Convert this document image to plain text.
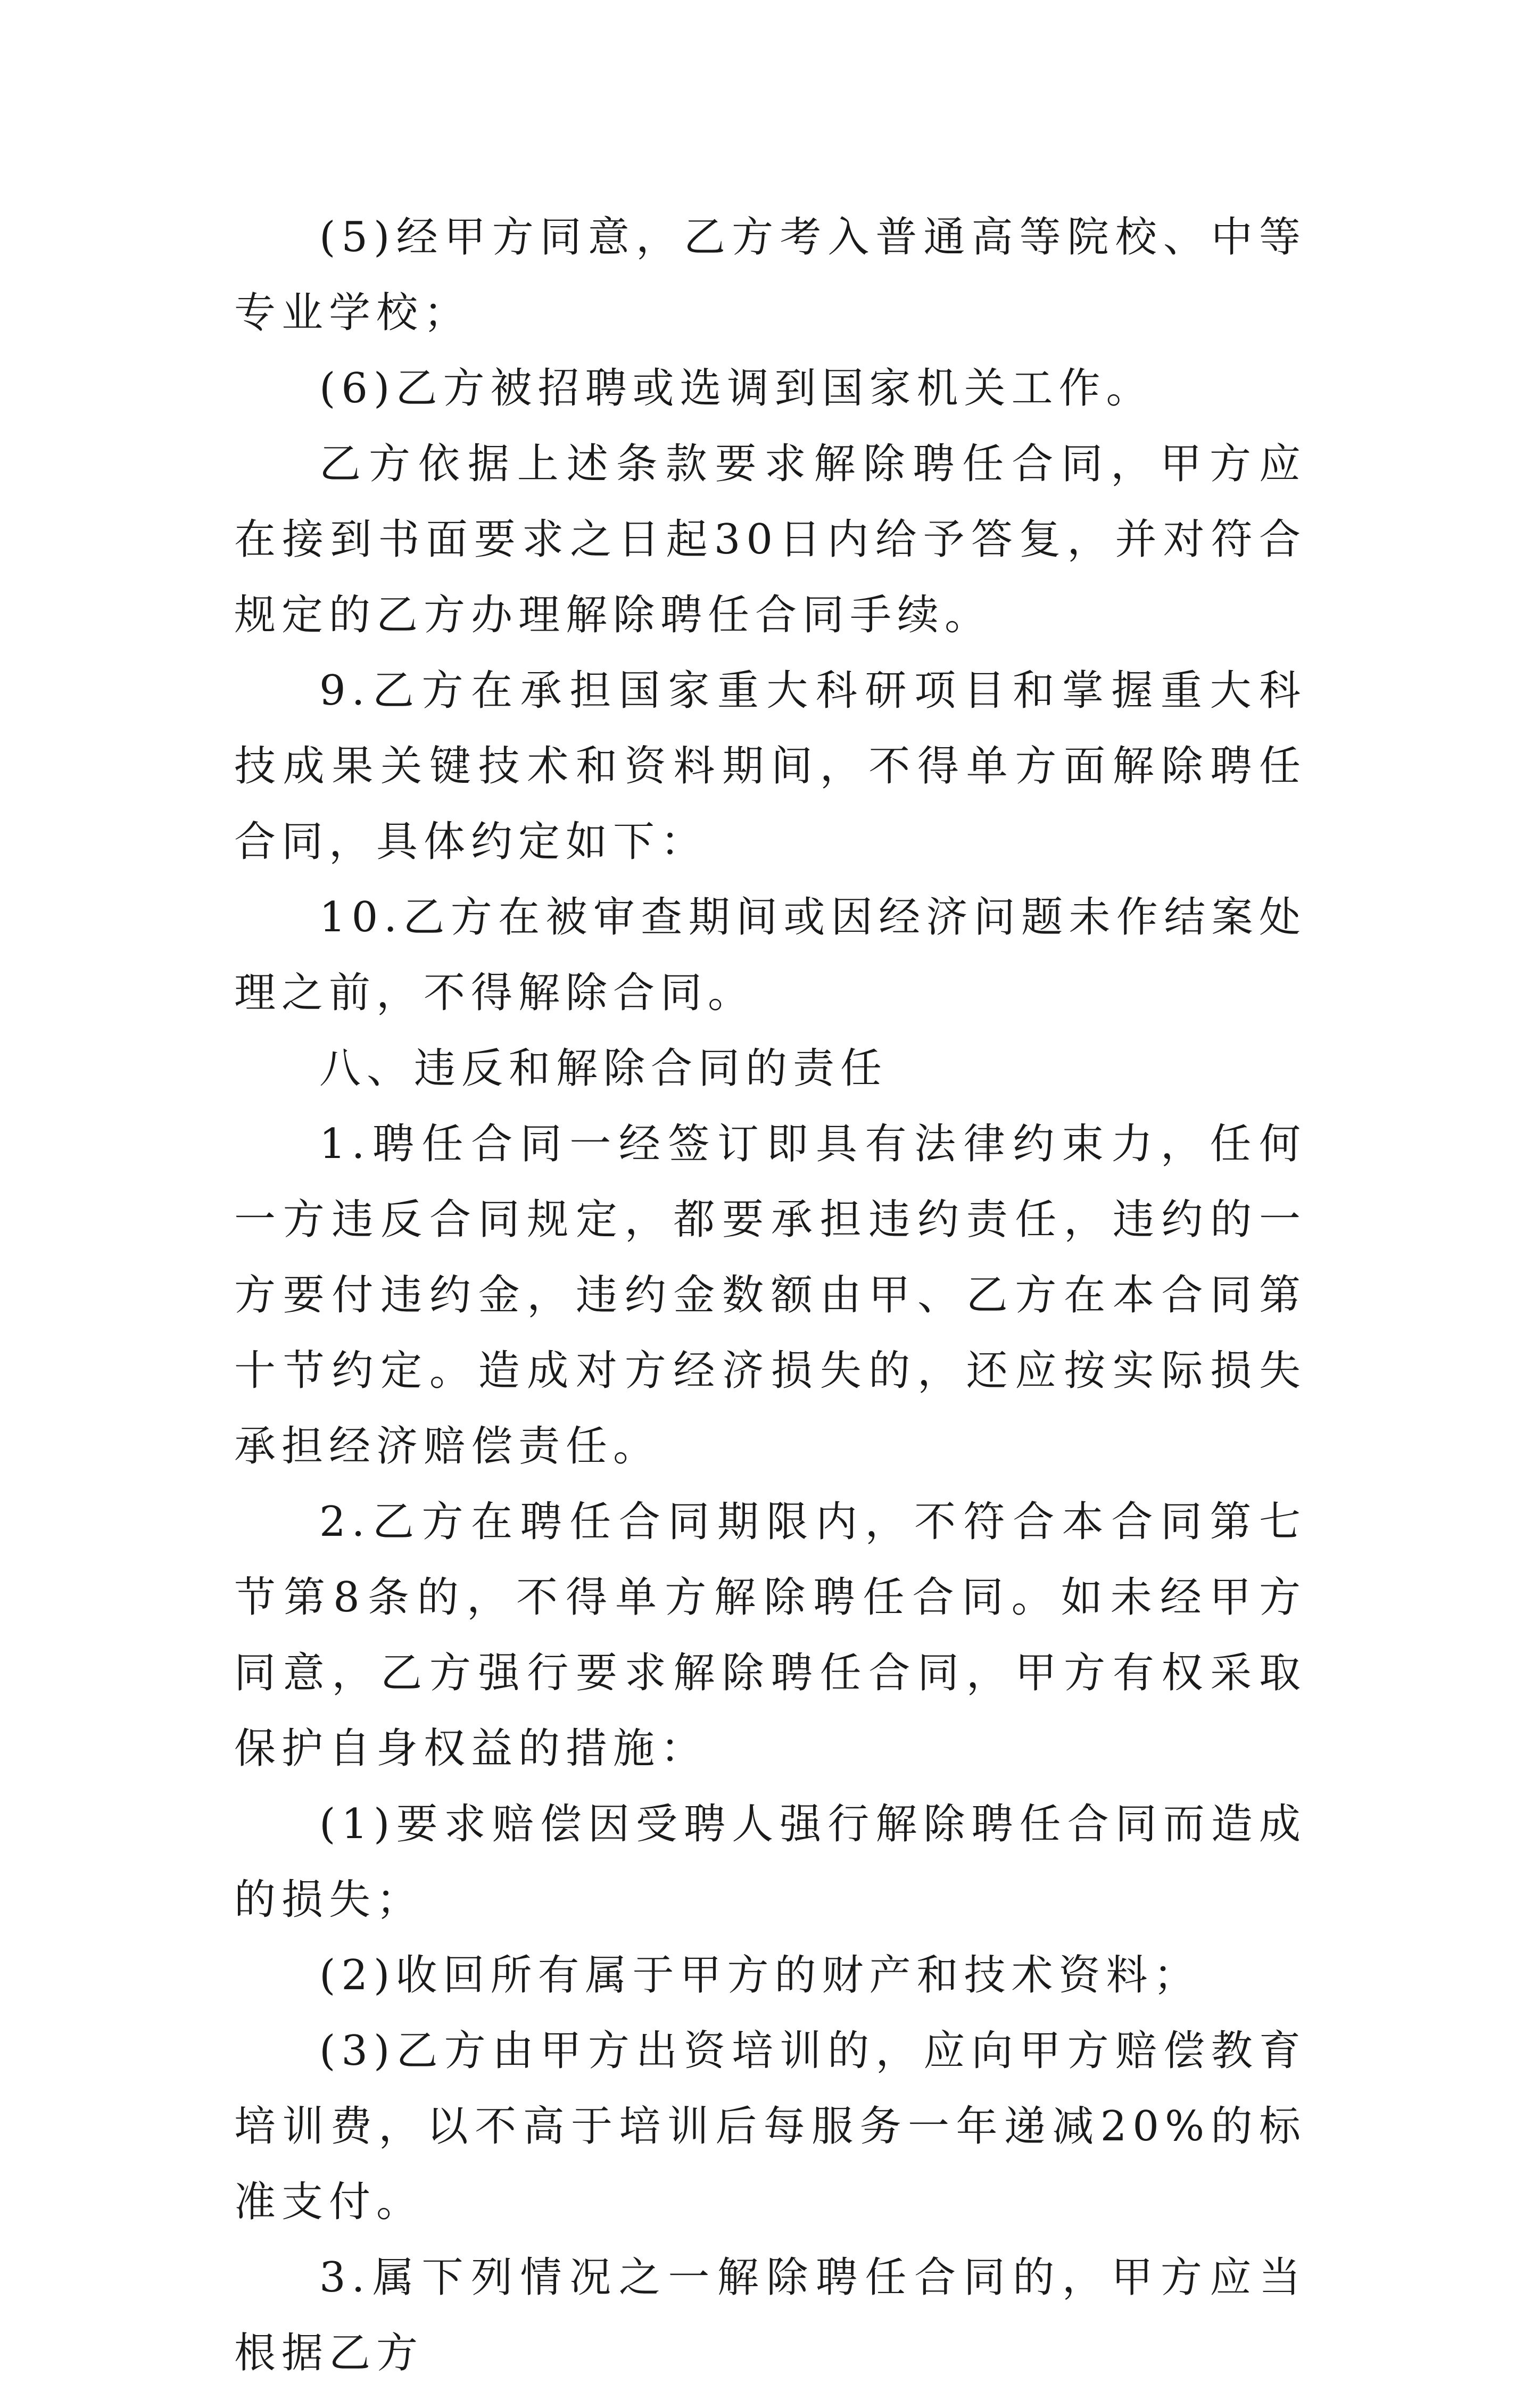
(5)经甲方同意，乙方考入普通高等院校、中等专业学校；

(6)乙方被招聘或选调到国家机关工作。

乙方依据上述条款要求解除聘任合同，甲方应在接到书面要求之日起30日内给予答复，并对符合规定的乙方办理解除聘任合同手续。

9.乙方在承担国家重大科研项目和掌握重大科技成果关键技术和资料期间，不得单方面解除聘任合同，具体约定如下：

10.乙方在被审查期间或因经济问题未作结案处理之前，不得解除合同。

八、违反和解除合同的责任

1.聘任合同一经签订即具有法律约束力，任何一方违反合同规定，都要承担违约责任，违约的一方要付违约金，违约金数额由甲、乙方在本合同第十节约定。造成对方经济损失的，还应按实际损失承担经济赔偿责任。

2.乙方在聘任合同期限内，不符合本合同第七节第8条的，不得单方解除聘任合同。如未经甲方同意，乙方强行要求解除聘任合同，甲方有权采取保护自身权益的措施：

(1)要求赔偿因受聘人强行解除聘任合同而造成的损失；

(2)收回所有属于甲方的财产和技术资料；

(3)乙方由甲方出资培训的，应向甲方赔偿教育培训费，以不高于培训后每服务一年递减20%的标准支付。

3.属下列情况之一解除聘任合同的，甲方应当根据乙方
